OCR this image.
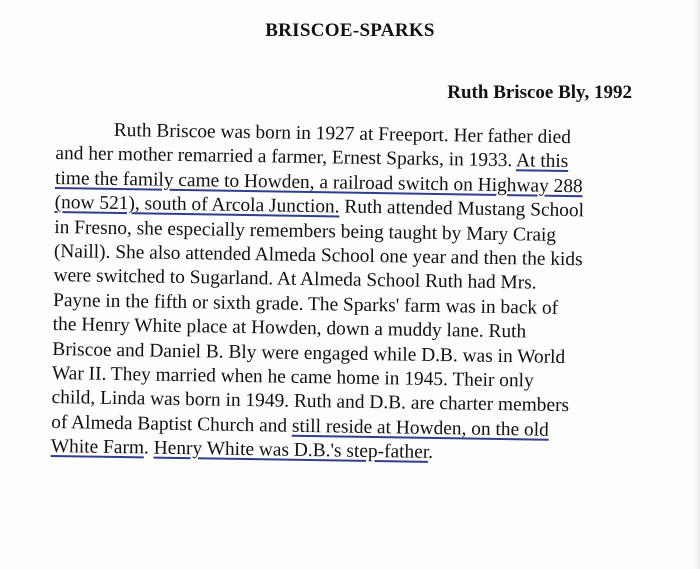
BRISCOE-SPARKS
Ruth Briscoe Bly, 1992
Ruth Briscoe was born in 1927 at Freeport. Her father died
and her mother remarried a farmer, Ernest Sparks, in 1933. At this
time the family came to Howden, a railroad switch on Highway 288
(now 521), south of Arcola Junction. Ruth attended Mustang School
in Fresno, she especially remembers being taught by Mary Craig
(Naill). She also attended Almeda School one year and then the kids
were switched to Sugarland. At Almeda School Ruth had Mrs.
Payne in the fifth or sixth grade. The Sparks' farm was in back of
the Henry White place at Howden, down a muddy lane. Ruth
Briscoe and Daniel B. Bly were engaged while D.B. was in World
War II. They married when he came home in 1945. Their only
child, Linda was born in 1949. Ruth and D.B. are charter members
of Almeda Baptist Church and still reside at Howden, on the old
White Farm. Henry White was D.B.'s step-father.
